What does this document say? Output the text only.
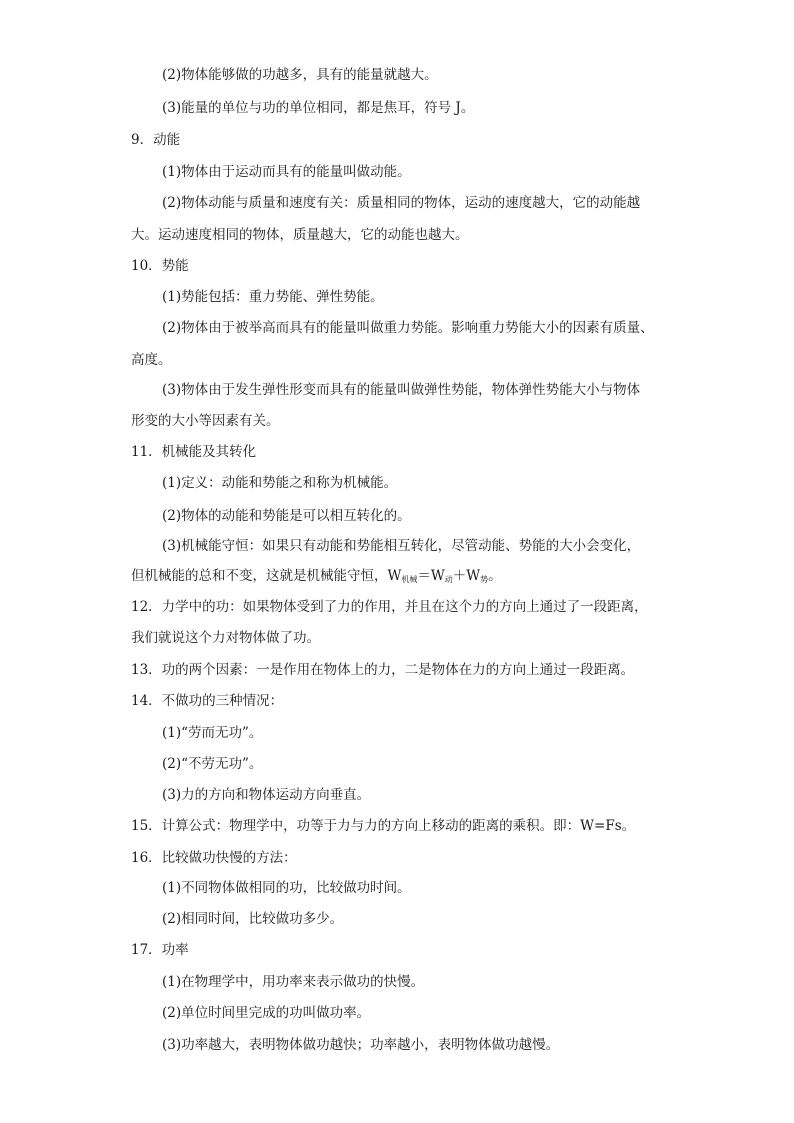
(2)物体能够做的功越多，具有的能量就越大。
(3)能量的单位与功的单位相同，都是焦耳，符号 J。
9．动能
(1)物体由于运动而具有的能量叫做动能。
(2)物体动能与质量和速度有关：质量相同的物体，运动的速度越大，它的动能越
大。运动速度相同的物体，质量越大，它的动能也越大。
10．势能
(1)势能包括：重力势能、弹性势能。
(2)物体由于被举高而具有的能量叫做重力势能。影响重力势能大小的因素有质量、
高度。
(3)物体由于发生弹性形变而具有的能量叫做弹性势能，物体弹性势能大小与物体
形变的大小等因素有关。
11．机械能及其转化
(1)定义：动能和势能之和称为机械能。
(2)物体的动能和势能是可以相互转化的。
(3)机械能守恒：如果只有动能和势能相互转化，尽管动能、势能的大小会变化，
但机械能的总和不变，这就是机械能守恒，$W_{机械}=W_动+W_势$。
12．力学中的功：如果物体受到了力的作用，并且在这个力的方向上通过了一段距离，
我们就说这个力对物体做了功。
13．功的两个因素：一是作用在物体上的力，二是物体在力的方向上通过一段距离。
14．不做功的三种情况：
(1)“劳而无功”。
(2)“不劳无功”。
(3)力的方向和物体运动方向垂直。
15．计算公式：物理学中，功等于力与力的方向上移动的距离的乘积。即：W=Fs。
16．比较做功快慢的方法：
(1)不同物体做相同的功，比较做功时间。
(2)相同时间，比较做功多少。
17．功率
(1)在物理学中，用功率来表示做功的快慢。
(2)单位时间里完成的功叫做功率。
(3)功率越大，表明物体做功越快；功率越小，表明物体做功越慢。
